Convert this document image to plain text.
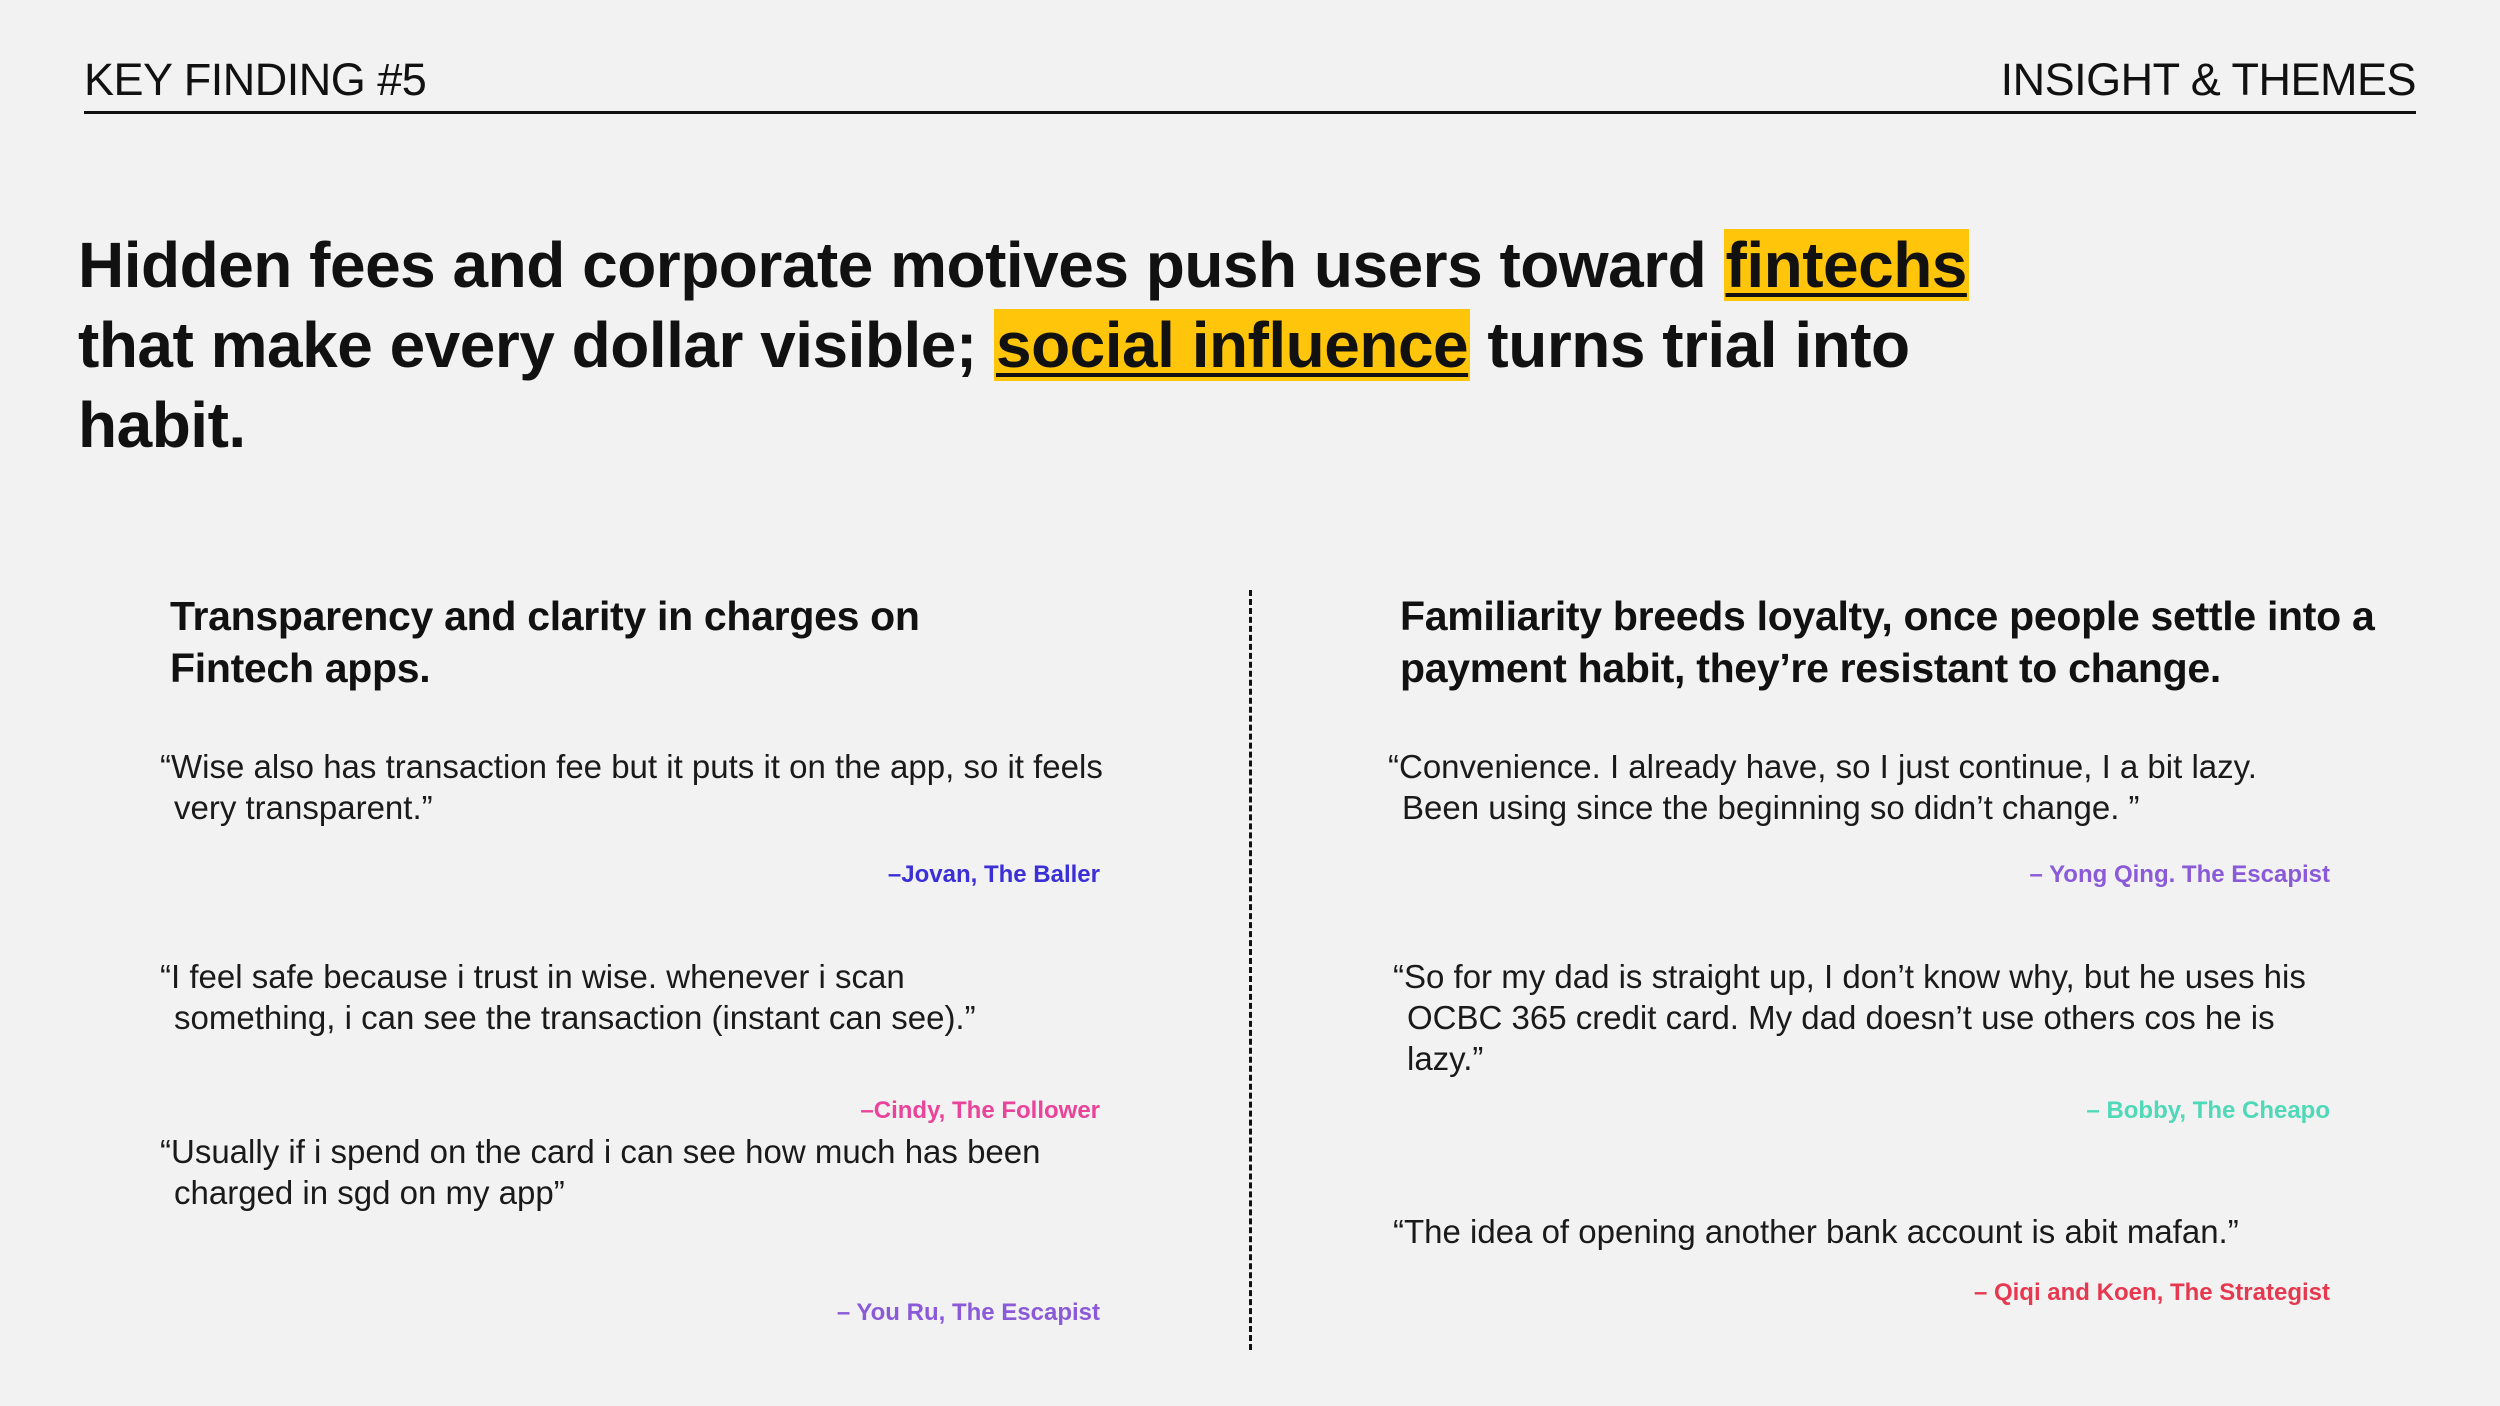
KEY FINDING #5	INSIGHT & THEMES
Hidden fees and corporate motives push users toward fintechs that make every dollar visible; social influence turns trial into habit.
Transparency and clarity in charges on Fintech apps.
“Wise also has transaction fee but it puts it on the app, so it feels very transparent.”
–Jovan, The Baller
“I feel safe because i trust in wise. whenever i scan something, i can see the transaction (instant can see).”
–Cindy, The Follower
“Usually if i spend on the card i can see how much has been charged in sgd on my app”
– You Ru, The Escapist
Familiarity breeds loyalty, once people settle into a payment habit, they’re resistant to change.
“Convenience. I already have, so I just continue, I a bit lazy. Been using since the beginning so didn’t change. ”
– Yong Qing. The Escapist
“So for my dad is straight up, I don’t know why, but he uses his OCBC 365 credit card. My dad doesn’t use others cos he is lazy.”
– Bobby, The Cheapo
“The idea of opening another bank account is abit mafan.”
– Qiqi and Koen, The Strategist
